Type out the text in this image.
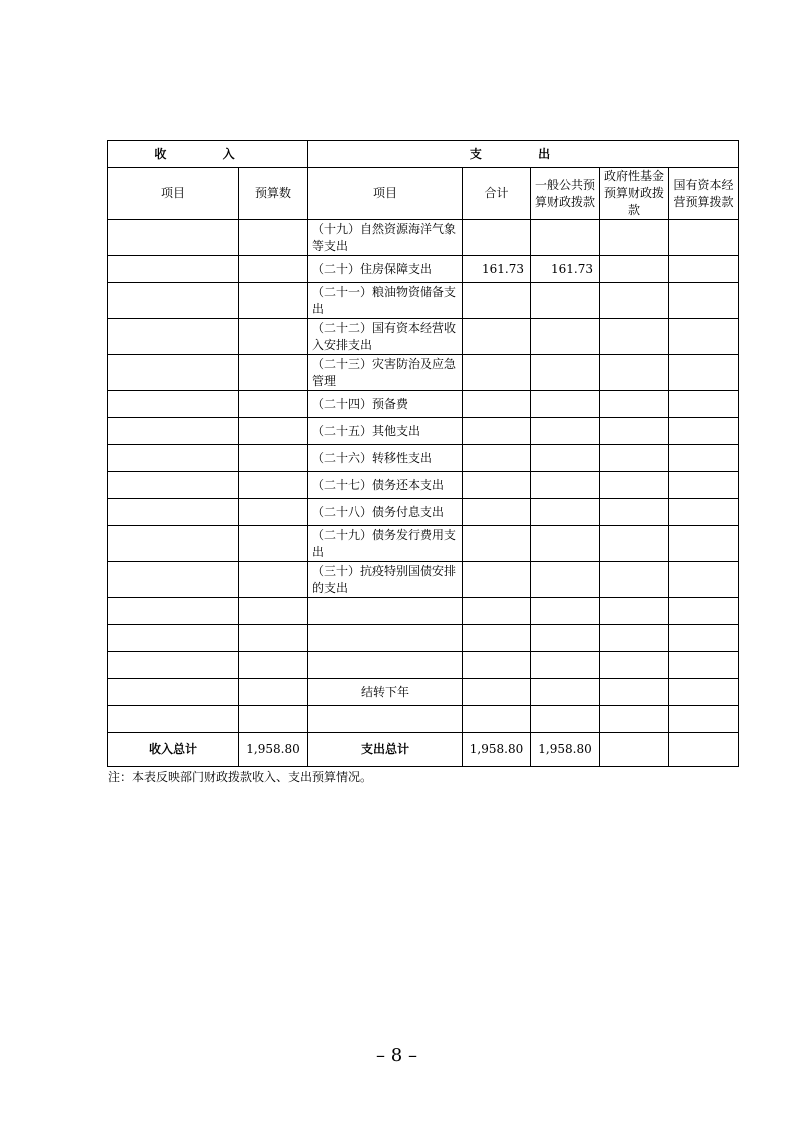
收 入		支 出				
项目	预算数	项目	合计	一般公共预算财政拨款	政府性基金预算财政拨款	国有资本经营预算拨款
		（十九）自然资源海洋气象等支出				
		（二十）住房保障支出	161.73	161.73		
		（二十一）粮油物资储备支出				
		（二十二）国有资本经营收入安排支出				
		（二十三）灾害防治及应急管理				
		（二十四）预备费				
		（二十五）其他支出				
		（二十六）转移性支出				
		（二十七）债务还本支出				
		（二十八）债务付息支出				
		（二十九）债务发行费用支出				
		（三十）抗疫特别国债安排的支出				

		结转下年				

收入总计	1,958.80	支出总计	1,958.80	1,958.80		
注：本表反映部门财政拨款收入、支出预算情况。
– 8 –
